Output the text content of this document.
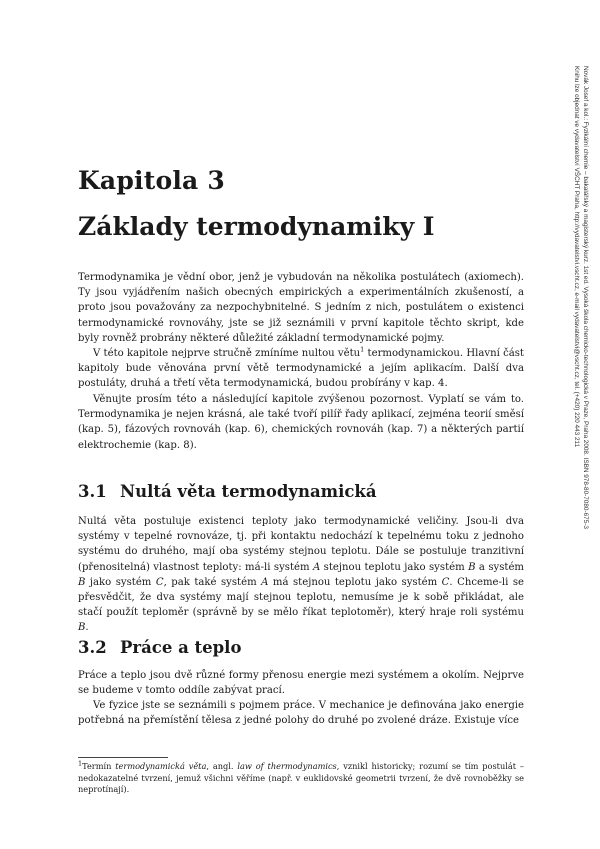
Novák Josef a kol.: Fyzikální chemie – bakalářský a magisterský kurz. 1st ed. Vysoká škola chemicko-technologická v Praze, Praha 2008. ISBN 978-80-7080-675-3
Knihu lze objednat ve vydavatelství VŠCHT Praha, http://vydavatelstvi.vscht.cz, e-mail vydavatelstvi@vscht.cz, tel. (+420) 220 443 211
Kapitola 3
Základy termodynamiky I

Termodynamika je vědní obor, jenž je vybudován na několika postulátech (axiomech). Ty jsou vyjádřením našich obecných empirických a experimentálních zkušeností, a proto jsou považovány za nezpochybnitelné. S jedním z nich, postulátem o existenci termodynamické rovnováhy, jste se již seznámili v první kapitole těchto skript, kde byly rovněž probrány některé důležité základní termodynamické pojmy.

V této kapitole nejprve stručně zmíníme nultou větu$^1$ termodynamickou. Hlavní část kapitoly bude věnována první větě termodynamické a jejím aplikacím. Další dva postuláty, druhá a třetí věta termodynamická, budou probírány v kap. 4.

Věnujte prosím této a následující kapitole zvýšenou pozornost. Vyplatí se vám to. Termodynamika je nejen krásná, ale také tvoří pilíř řady aplikací, zejména teorií směsí (kap. 5), fázových rovnováh (kap. 6), chemických rovnováh (kap. 7) a některých partií elektrochemie (kap. 8).

3.1 Nultá věta termodynamická

Nultá věta postuluje existenci teploty jako termodynamické veličiny. Jsou-li dva systémy v tepelné rovnováze, tj. při kontaktu nedochází k tepelnému toku z jednoho systému do druhého, mají oba systémy stejnou teplotu. Dále se postuluje tranzitivní (přenositelná) vlastnost teploty: má-li systém A stejnou teplotu jako systém B a systém B jako systém C, pak také systém A má stejnou teplotu jako systém C. Chceme-li se přesvědčit, že dva systémy mají stejnou teplotu, nemusíme je k sobě přikládat, ale stačí použít teploměr (správně by se mělo říkat teplotoměr), který hraje roli systému B.

3.2 Práce a teplo

Práce a teplo jsou dvě různé formy přenosu energie mezi systémem a okolím. Nejprve se budeme v tomto oddíle zabývat prací.

Ve fyzice jste se seznámili s pojmem práce. V mechanice je definována jako energie potřebná na přemístění tělesa z jedné polohy do druhé po zvolené dráze. Existuje více

$^1$Termín termodynamická věta, angl. law of thermodynamics, vznikl historicky; rozumí se tím postulát – nedokazatelné tvrzení, jemuž všichni věříme (např. v euklidovské geometrii tvrzení, že dvě rovnoběžky se neprotínají).
